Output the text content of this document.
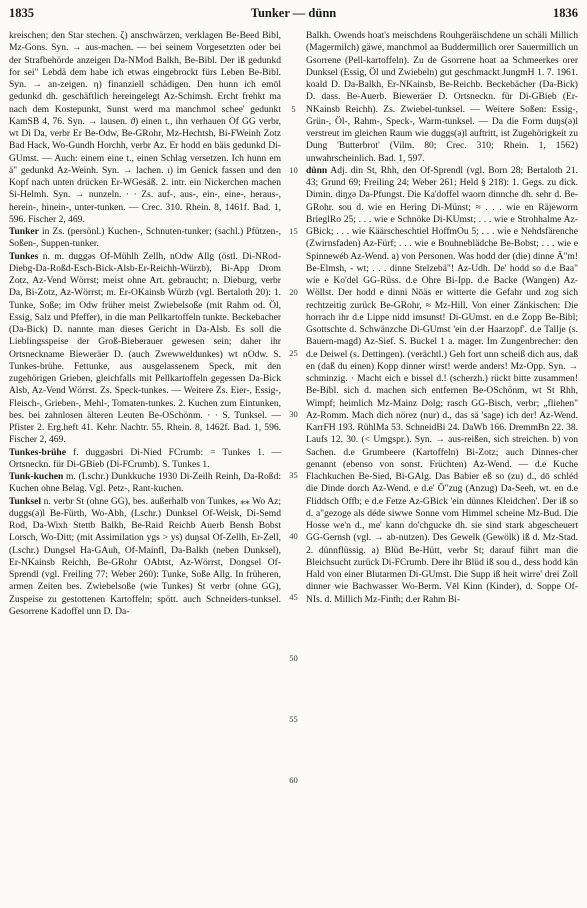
1835	Tunker — dünn	1836

kreischen; den Star stechen. ζ) anschwärzen, verklagen Be-Beed Bibl, Mz-Gons. Syn. → aus-machen. — bei seinem Vorgesetzten oder bei der Strafbehörde anzeigen Da-NMod Balkh, Be-Bibl. Der iß gedunkd for sei" Lebdä dem habe ich etwas eingebrockt fürs Leben Be-Bibl. Syn. → an-zeigen. η) finanziell schädigen. Den hunn ich emōl gedunkd dh. geschäftlich hereingelegt Az-Schimsh. Ercht frehkt ma nach dem Kostepunkt, Sunst werd ma manchmol schee' gedunkt KamSB 4, 76. Syn. → lausen. ϑ) einen t., ihn verhauen Of GG verbr, wt Di Da, verbr Er Be-Odw, Be-GRohr, Mz-Hechtsh, Bi-FWeinh Zotz Bad Hack, Wo-Gundh Horchh, verbr Az. Er hodd en bäis gedunkd Di-GUmst. — Auch: einem eine t., einen Schlag versetzen. Ich hunn em ä" gedunkd Az-Weinh. Syn. → lachen. ι) im Genick fassen und den Kopf nach unten drücken Er-WGesäß. 2. intr. ein Nickerchen machen Si-Helmh. Syn. → nunzeln. · · Zs. auf-, aus-, ein-, eine-, heraus-, herein-, hinein-, unter-tunken. — Crec. 310. Rhein. 8, 1461f. Bad. 1, 596. Fischer 2, 469.

Tunker in Zs. (persönl.) Kuchen-, Schnuten-tunker; (sachl.) Pfützen-, Soßen-, Suppen-tunker.

Tunkes n. m. duggəs Of-Mühlh Zellh, nOdw Allg (östl. Di-NRod-Diebg-Da-Roßd-Esch-Bick-Alsb-Er-Reichh-Würzb), Bi-App Drom Zotz, Az-Vend Wörrst; meist ohne Art. gebraucht; n. Dieburg, verbr Da, Bi-Zotz, Az-Wörrst; m. Er-OKainsb Würzb (vgl. Bertaloth 20): 1. Tunke, Soße; im Odw früher meist Zwiebelsoße (mit Rahm od. Öl, Essig, Salz und Pfeffer), in die man Pellkartoffeln tunkte. Beckebacher (Da-Bick) D. nannte man dieses Gericht in Da-Alsb. Es soll die Lieblingsspeise der Groß-Bieberauer gewesen sein; daher ihr Ortsneckname Bieweräer D. (auch Zwewweldunkes) wt nOdw. S. Tunkes-brühe. Fettunke, aus ausgelassenem Speck, mit den zugehörigen Grieben, gleichfalls mit Pellkartoffeln gegessen Da-Bick Alsb, Az-Vend Wörrst. Zs. Speck-tunkes. — Weitere Zs. Eier-, Essig-, Fleisch-, Grieben-, Mehl-, Tomaten-tunkes. 2. Kuchen zum Eintunken, bes. bei zahnlosen älteren Leuten Be-OSchönm. · · S. Tunksel. — Pfister 2. Erg.heft 41. Kehr. Nachtr. 55. Rhein. 8, 1462f. Bad. 1, 596. Fischer 2, 469.

Tunkes-brühe f. duggəsbri Di-Nied FCrumb: = Tunkes 1. — Ortsneckn. für Di-GBieb (Di-FCrumb). S. Tunkes 1.

Tunk-kuchen m. (Lschr.) Dunkkuche 1930 Di-Zeilh Reinh, Da-Roßd: Kuchen ohne Belag. Vgl. Petz-, Rant-kuchen.

Tunksel n. verbr St (ohne GG), bes. außerhalb von Tunkes, ⁎⁎ Wo Az; duggs(ə)l Be-Fürth, Wo-Abh, (Lschr.) Dunksel Of-Weisk, Di-Semd Rod, Da-Wixh Stettb Balkh, Be-Raid Reichb Auerb Bensh Bobst Lorsch, Wo-Ditt; (mit Assimilation ygs > ys) duŋsəl Of-Zellh, Er-Zell, (Lschr.) Dungsel Ha-GAuh, Of-Mainfl, Da-Balkh (neben Dunksel), Er-NKainsb Reichh, Be-GRohr OAbtst, Az-Wörrst, Dongsel Of-Sprendl (vgl. Freiling 77; Weber 260): Tunke, Soße Allg. In früheren, armen Zeiten bes. Zwiebelsoße (wie Tunkes) St verbr (ohne GG), Zuspeise zu gestottenen Kartoffeln; spött. auch Schneiders-tunksel. Gesorrene Kadoffel unn D. Da-

5
10
15
20
25
30
35
40
45
50
55
60

Balkh. Owends hoat's meischdens Rouhgeräischdene un schäli Millich (Magermilch) gäwe, manchmol aa Buddermillich orer Sauermillich un Gsorrene (Pell-kartoffeln). Zu de Gsorrene hoat aa Schmeerkes orer Dunksel (Essig, Öl und Zwiebeln) gut geschmackt JungmH 1. 7. 1961. koald D. Da-Balkh, Er-NKainsb, Be-Reichb. Beckebächer (Da-Bick) D. dass. Be-Auerb. Bieweräer D. Ortsneckn. für Di-GBieb (Er-NKainsb Reichh). Zs. Zwiebel-tunksel. — Weitere Soßen: Essig-, Grün-, Öl-, Rahm-, Speck-, Warm-tunksel. — Da die Form duŋs(ə)l verstreut im gleichen Raum wie duggs(ə)l auftritt, ist Zugehörigkeit zu Dung 'Butterbrot' (Vilm. 80; Crec. 310; Rhein. 1, 1562) unwahrscheinlich. Bad. 1, 597.

dünn Adj. din St, Rhh, den Of-Sprendl (vgl. Born 28; Bertaloth 21. 43; Grund 69; Freiling 24; Weber 261; Held § 218): 1. Gegs. zu dick. Dimin. diŋχə Da-Pfungst. Die Ka'doffel waorn dinnche dh. sehr d. Be-GRohr. sou d. wie en Hering Di-Münst; ≈ . . . wie en Räjeworm BrieglRo 25; . . . wie e Schnöke Di-KUmst; . . . wie e Strohhalme Az-GBick; . . . wie Käärscheschtiel HoffmOu 5; . . . wie e Nehdsfärenche (Zwirnsfaden) Az-Fürf; . . . wie e Bouhneblädche Be-Bobst; . . . wie e Spinnewéb Az-Wend. a) von Personen. Was hodd der (die) dinne Ä"m! Be-Elmsh, - wt; . . . dinne Stelzebä"! Az-Udh. De' hodd so d.e Baa" wie e Ko'del GG-Rüss. d.e Ohre Bi-Ipp. d.e Backe (Wangen) Az-Wöllst. Der hodd e dinni Nōäs er witterte die Gefahr und zog sich rechtzeitig zurück Be-GRohr, ≈ Mz-Hill. Von einer Zänkischen: Die horrach ihr d.e Lippe nidd imsunst! Di-GUmst. en d.e Zopp Be-Bibl; Gsottschte d. Schwänzche Di-GUmst 'ein d.er Haarzopf'. d.e Tallje (s. Bauern-magd) Az-Sief. S. Buckel 1 a. mager. Im Zungenbrecher: den d.e Deiwel (s. Dettingen). (verächtl.) Geh fort unn scheiß dich aus, daß en (daß du einen) Kopp dinner wirst! werde anders! Mz-Opp. Syn. → schminzig. · Macht eich e bissel d.! (scherzh.) rückt bitte zusammen! Be-Bibl. sich d. machen sich entfernen Be-OSchönm, wt St Rhh, Wimpf; heimlich Mz-Mainz Dolg; rasch GG-Bisch, verbr; „fliehen" Az-Romm. Mach dich nörez (nur) d., das sä 'sage) ich der! Az-Wend. KarrFH 193. RühlMa 53. SchneidBi 24. DaWb 166. DremmBn 22. 38. Laufs 12. 30. (< Umgspr.). Syn. → aus-reißen, sich streichen. b) von Sachen. d.e Grumbeere (Kartoffeln) Bi-Zotz; auch Dinnes-cher genannt (ebenso von sonst. Früchten) Az-Wend. — d.e Kuche Flachkuchen Be-Sied, Bi-GAlg. Das Babier eß so (zu) d., dō schléd die Dinde dorch Az-Wend. e d.e' Ō"zug (Anzug) Da-Seeh, wt. en d.e Fliddsch Offb; e d.e Fetze Az-GBick 'ein dünnes Kleidchen'. Der iß so d. a"gezoge als déde siwwe Sonne vom Himmel scheine Mz-Bud. Die Hosse we'n d., me' kann do'chgucke dh. sie sind stark abgescheuert GG-Gernsh (vgl. → ab-nutzen). Des Gewelk (Gewölk) iß d. Mz-Stad. 2. dünnflüssig. a) Blüd Be-Hütt, verbr St; darauf führt man die Bleichsucht zurück Di-FCrumb. Dere ihr Blüd iß sou d., dess hodd kän Hald von einer Blutarmen Di-GUmst. Die Supp iß heit wirre' drei Zoll dinner wie Bachwasser Wo-Berm. Vēl Kinn (Kinder), d. Soppe Of-NIs. d. Millich Mz-Finth; d.er Rahm Bi-
